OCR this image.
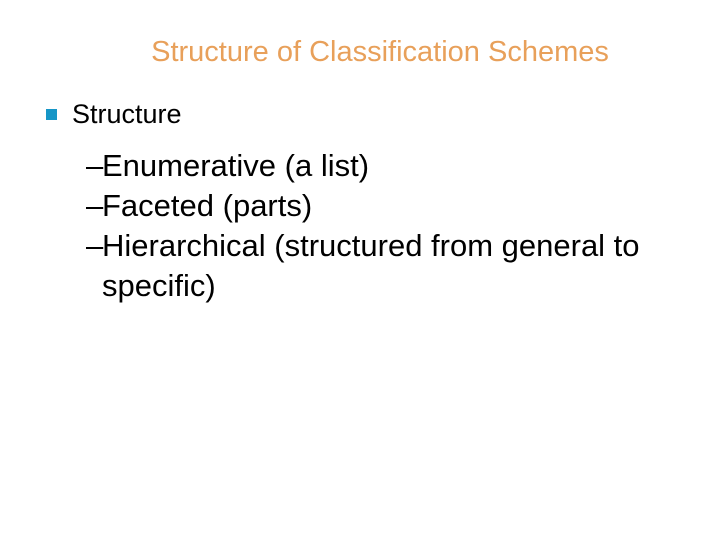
Structure of Classification Schemes
Structure
–
Enumerative (a list)
–
Faceted (parts)
–
Hierarchical (structured from general to specific)
